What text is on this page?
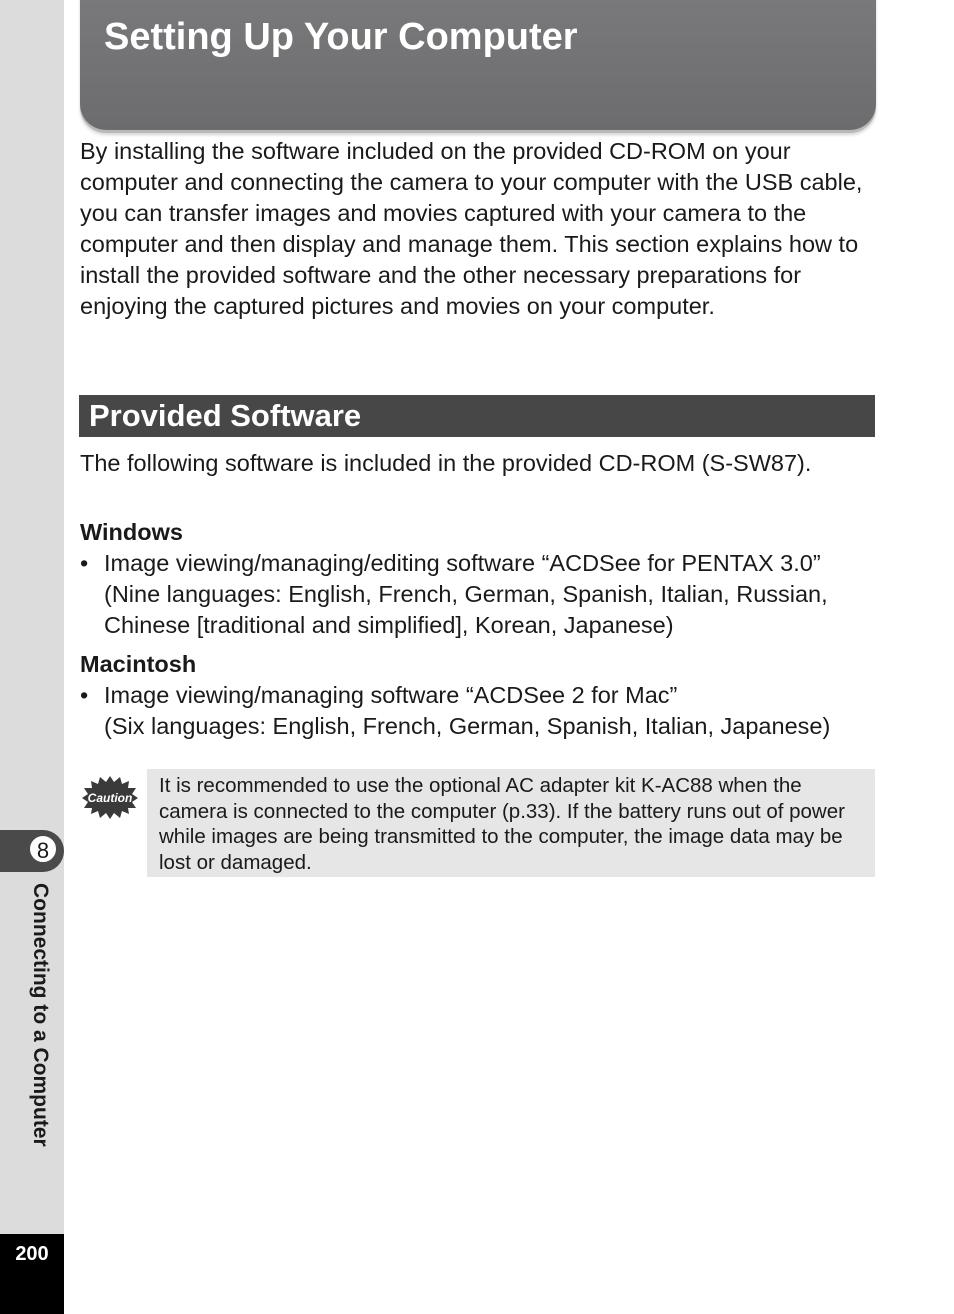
8
Connecting to a Computer
200
Setting Up Your Computer

By installing the software included on the provided CD-ROM on your computer and connecting the camera to your computer with the USB cable, you can transfer images and movies captured with your camera to the computer and then display and manage them. This section explains how to install the provided software and the other necessary preparations for enjoying the captured pictures and movies on your computer.

Provided Software

The following software is included in the provided CD-ROM (S-SW87).

Windows
• Image viewing/managing/editing software “ACDSee for PENTAX 3.0”
(Nine languages: English, French, German, Spanish, Italian, Russian,
Chinese [traditional and simplified], Korean, Japanese)
Macintosh
• Image viewing/managing software “ACDSee 2 for Mac”
(Six languages: English, French, German, Spanish, Italian, Japanese)
Caution
It is recommended to use the optional AC adapter kit K-AC88 when the camera is connected to the computer (p.33). If the battery runs out of power while images are being transmitted to the computer, the image data may be lost or damaged.
